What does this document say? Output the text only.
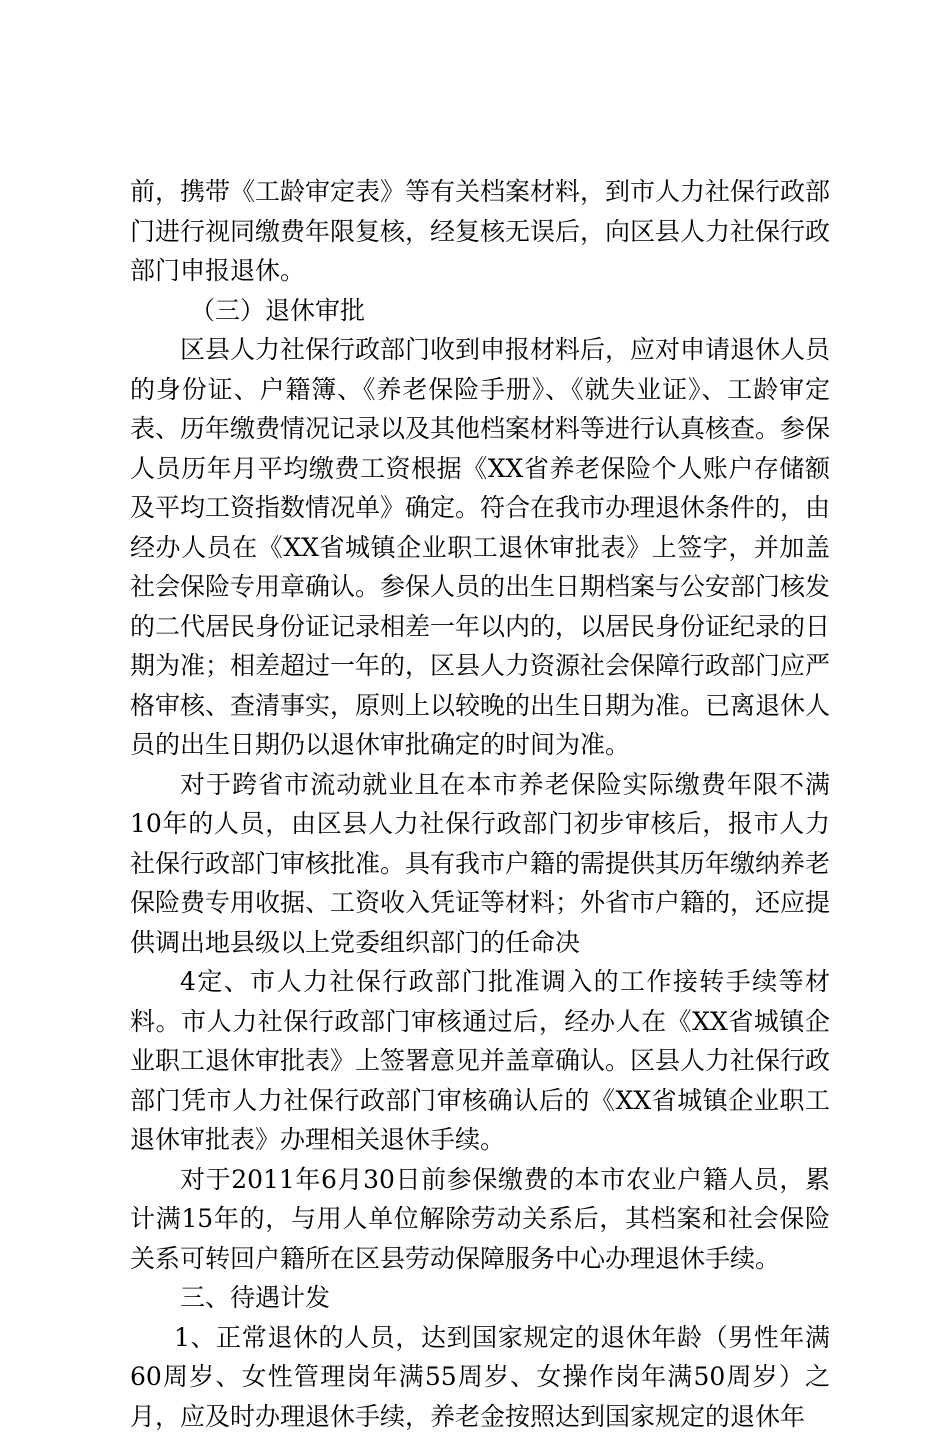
前，携带《工龄审定表》等有关档案材料，到市人力社保行政部门进行视同缴费年限复核，经复核无误后，向区县人力社保行政部门申报退休。

（三）退休审批

区县人力社保行政部门收到申报材料后，应对申请退休人员的身份证、户籍簿、《养老保险手册》、《就失业证》、工龄审定表、历年缴费情况记录以及其他档案材料等进行认真核查。参保人员历年月平均缴费工资根据《XX省养老保险个人账户存储额及平均工资指数情况单》确定。符合在我市办理退休条件的，由经办人员在《XX省城镇企业职工退休审批表》上签字，并加盖社会保险专用章确认。参保人员的出生日期档案与公安部门核发的二代居民身份证记录相差一年以内的，以居民身份证纪录的日期为准；相差超过一年的，区县人力资源社会保障行政部门应严格审核、查清事实，原则上以较晚的出生日期为准。已离退休人员的出生日期仍以退休审批确定的时间为准。

对于跨省市流动就业且在本市养老保险实际缴费年限不满10年的人员，由区县人力社保行政部门初步审核后，报市人力社保行政部门审核批准。具有我市户籍的需提供其历年缴纳养老保险费专用收据、工资收入凭证等材料；外省市户籍的，还应提供调出地县级以上党委组织部门的任命决

4定、市人力社保行政部门批准调入的工作接转手续等材料。市人力社保行政部门审核通过后，经办人在《XX省城镇企业职工退休审批表》上签署意见并盖章确认。区县人力社保行政部门凭市人力社保行政部门审核确认后的《XX省城镇企业职工退休审批表》办理相关退休手续。

对于2011年6月30日前参保缴费的本市农业户籍人员，累计满15年的，与用人单位解除劳动关系后，其档案和社会保险关系可转回户籍所在区县劳动保障服务中心办理退休手续。

三、待遇计发

1、正常退休的人员，达到国家规定的退休年龄（男性年满60周岁、女性管理岗年满55周岁、女操作岗年满50周岁）之月，应及时办理退休手续，养老金按照达到国家规定的退休年
